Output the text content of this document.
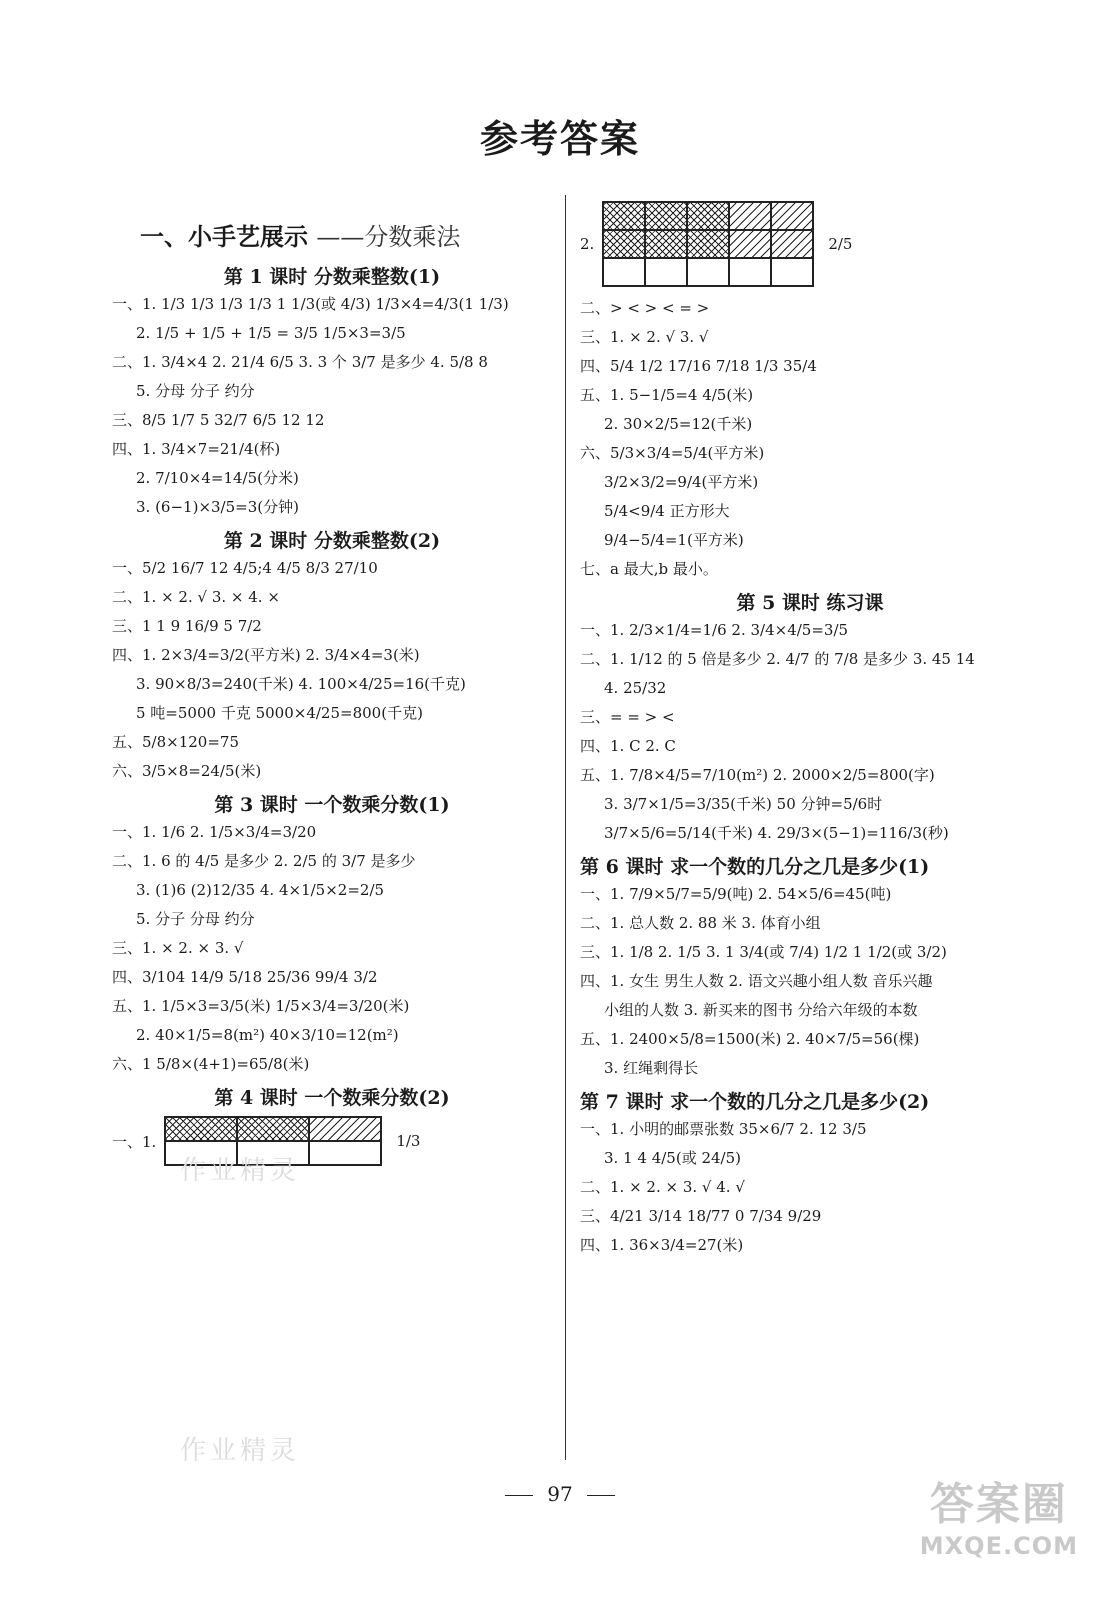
参考答案
一、小手艺展示 ——分数乘法
第 1 课时 分数乘整数(1)
一、1. 1/3 1/3 1/3 1/3 1 1/3(或 4/3) 1/3×4=4/3(1 1/3)
2. 1/5 + 1/5 + 1/5 = 3/5 1/5×3=3/5
二、1. 3/4×4 2. 21/4 6/5 3. 3 个 3/7 是多少 4. 5/8 8
5. 分母 分子 约分
三、8/5 1/7 5 32/7 6/5 12 12
四、1. 3/4×7=21/4(杯)
2. 7/10×4=14/5(分米)
3. (6−1)×3/5=3(分钟)
第 2 课时 分数乘整数(2)
一、5/2 16/7 12 4/5;4 4/5 8/3 27/10
二、1. × 2. √ 3. × 4. ×
三、1 1 9 16/9 5 7/2
四、1. 2×3/4=3/2(平方米) 2. 3/4×4=3(米)
3. 90×8/3=240(千米) 4. 100×4/25=16(千克)
5 吨=5000 千克 5000×4/25=800(千克)
五、5/8×120=75
六、3/5×8=24/5(米)
第 3 课时 一个数乘分数(1)
一、1. 1/6 2. 1/5×3/4=3/20
二、1. 6 的 4/5 是多少 2. 2/5 的 3/7 是多少
3. (1)6 (2)12/35 4. 4×1/5×2=2/5
5. 分子 分母 约分
三、1. × 2. × 3. √
四、3/104 14/9 5/18 25/36 99/4 3/2
五、1. 1/5×3=3/5(米) 1/5×3/4=3/20(米)
2. 40×1/5=8(m²) 40×3/10=12(m²)
六、1 5/8×(4+1)=65/8(米)
第 4 课时 一个数乘分数(2)
一、1.	1/3
2.	2/5
二、> < > < = >
三、1. × 2. √ 3. √
四、5/4 1/2 17/16 7/18 1/3 35/4
五、1. 5−1/5=4 4/5(米)
2. 30×2/5=12(千米)
六、5/3×3/4=5/4(平方米)
3/2×3/2=9/4(平方米)
5/4<9/4 正方形大
9/4−5/4=1(平方米)
七、a 最大,b 最小。
第 5 课时 练习课
一、1. 2/3×1/4=1/6 2. 3/4×4/5=3/5
二、1. 1/12 的 5 倍是多少 2. 4/7 的 7/8 是多少 3. 45 14
4. 25/32
三、= = > <
四、1. C 2. C
五、1. 7/8×4/5=7/10(m²) 2. 2000×2/5=800(字)
3. 3/7×1/5=3/35(千米) 50 分钟=5/6时
3/7×5/6=5/14(千米) 4. 29/3×(5−1)=116/3(秒)
第 6 课时 求一个数的几分之几是多少(1)
一、1. 7/9×5/7=5/9(吨) 2. 54×5/6=45(吨)
二、1. 总人数 2. 88 米 3. 体育小组
三、1. 1/8 2. 1/5 3. 1 3/4(或 7/4) 1/2 1 1/2(或 3/2)
四、1. 女生 男生人数 2. 语文兴趣小组人数 音乐兴趣
小组的人数 3. 新买来的图书 分给六年级的本数
五、1. 2400×5/8=1500(米) 2. 40×7/5=56(棵)
3. 红绳剩得长
第 7 课时 求一个数的几分之几是多少(2)
一、1. 小明的邮票张数 35×6/7 2. 12 3/5
3. 1 4 4/5(或 24/5)
二、1. × 2. × 3. √ 4. √
三、4/21 3/14 18/77 0 7/34 9/29
四、1. 36×3/4=27(米)
97
作业精灵
作业精灵
答案圈
MXQE.COM
